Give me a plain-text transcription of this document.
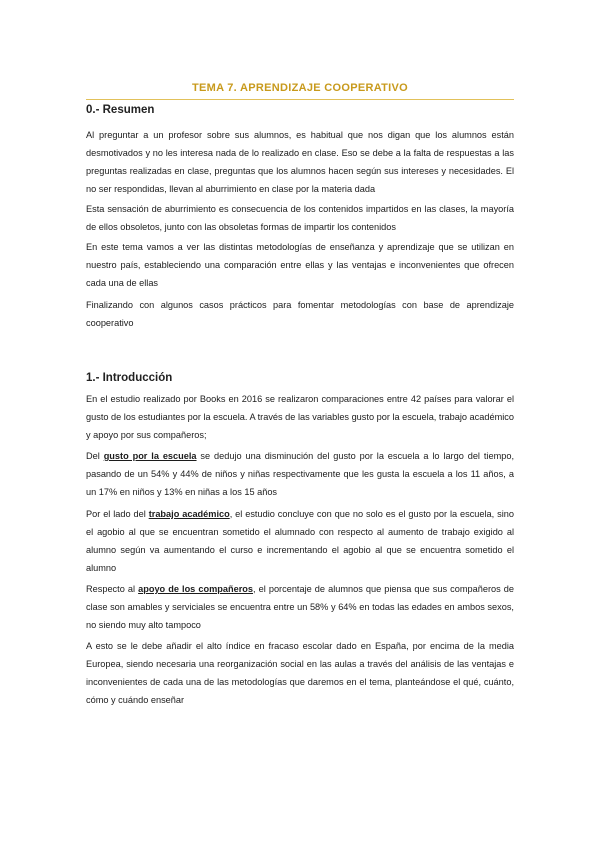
TEMA 7. APRENDIZAJE COOPERATIVO
0.- Resumen

Al preguntar a un profesor sobre sus alumnos, es habitual que nos digan que los alumnos están desmotivados y no les interesa nada de lo realizado en clase. Eso se debe a la falta de respuestas a las preguntas realizadas en clase, preguntas que los alumnos hacen según sus intereses y necesidades. El no ser respondidas, llevan al aburrimiento en clase por la materia dada

Esta sensación de aburrimiento es consecuencia de los contenidos impartidos en las clases, la mayoría de ellos obsoletos, junto con las obsoletas formas de impartir los contenidos

En este tema vamos a ver las distintas metodologías de enseñanza y aprendizaje que se utilizan en nuestro país, estableciendo una comparación entre ellas y las ventajas e inconvenientes que ofrecen cada una de ellas

Finalizando con algunos casos prácticos para fomentar metodologías con base de aprendizaje cooperativo

1.- Introducción

En el estudio realizado por Books en 2016 se realizaron comparaciones entre 42 países para valorar el gusto de los estudiantes por la escuela. A través de las variables gusto por la escuela, trabajo académico y apoyo por sus compañeros;

Del gusto por la escuela se dedujo una disminución del gusto por la escuela a lo largo del tiempo, pasando de un 54% y 44% de niños y niñas respectivamente que les gusta la escuela a los 11 años, a un 17% en niños y 13% en niñas a los 15 años

Por el lado del trabajo académico, el estudio concluye con que no solo es el gusto por la escuela, sino el agobio al que se encuentran sometido el alumnado con respecto al aumento de trabajo exigido al alumno según va aumentando el curso e incrementando el agobio al que se encuentra sometido el alumno

Respecto al apoyo de los compañeros, el porcentaje de alumnos que piensa que sus compañeros de clase son amables y serviciales se encuentra entre un 58% y 64% en todas las edades en ambos sexos, no siendo muy alto tampoco

A esto se le debe añadir el alto índice en fracaso escolar dado en España, por encima de la media Europea, siendo necesaria una reorganización social en las aulas a través del análisis de las ventajas e inconvenientes de cada una de las metodologías que daremos en el tema, planteándose el qué, cuánto, cómo y cuándo enseñar
